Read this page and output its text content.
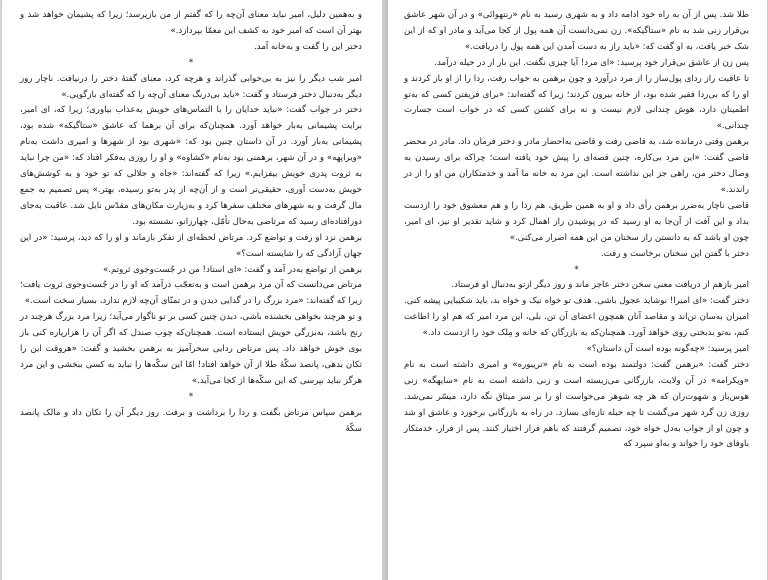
و به‌همین دلیل، امیر نباید معنای آن‌چه را که گفتم از من بازپرسد؛ زیرا که پشیمان خواهد شد و بهتر آن است که امیر خود به کشف این معمّا بپردازد.»

دختر این را گفت و به‌خانه آمد.

*

امیر شب دیگر را نیز به بی‌خوابی گذراند و هرچه کرد، معنای گفتهٔ دختر را درنیافت. ناچار روز دیگر به‌دنبال دختر فرستاد و گفت: «باید بی‌درنگ معنای آن‌چه را که گفته‌ای بازگویی.»

دختر در جواب گفت: «نباید خدایان را با التماس‌های خویش به‌عذاب بیاوری؛ زیرا که، ای امیر، برایت پشیمانی به‌بار خواهد آورد. همچنان‌که برای آن برهما که عاشق «ستاگیکه» شده بود، پشیمانی به‌بار آورد. در آن داستان چنین بود که: «شهری بود از شهرها و امیری داشت به‌نام «ویراپهه» و در آن شهر، برهمنی بود به‌نام «کشاوه» و او را روزی به‌فکر افتاد که: «من چرا نباید به ثروت پدری خویش بیفزایم.» زیرا که گفته‌اند: «جاه و جلالی که تو خود و به کوشش‌های خویش به‌دست آوری، حقیقی‌تر است و از آن‌چه از پدر به‌تو رسیده، بهتر.» پس تصمیم به جمع مال گرفت و به شهرهای مختلف سفرها کرد و به‌زیارت مکان‌های مقدّس نایل شد. عاقبت به‌جای دورافتاده‌ای رسید که مرتاضی به‌حال تأمّل، چهارزانو، نشسته بود.

برهمن نزد او رفت و تواضع کرد. مرتاض لحظه‌ای از تفکر بازماند و او را که دید، پرسید: «در این جهان آزادگی که را شایسته است؟»

برهمن از تواضع به‌در آمد و گفت: «ای استاد! من در جُست‌وجوی ثروتم.»

مرتاض می‌دانست که آن مرد برهمن است و به‌تعجّب درآمد که او را در جُست‌وجوی ثروت یافت؛ زیرا که گفته‌اند: «مرد بزرگ را در گدایی دیدن و در تمنّای آن‌چه لازم ندارد، بسیار سخت است.»

و تو هرچند بخواهی بخشنده باشی، دیدن چنین کسی بر تو ناگوار می‌آید؛ زیرا مرد بزرگ هرچند در رنج باشد، به‌بزرگی خویش ایستاده است. همچنان‌که چوب صندل که اگر آن را هزارپاره کنی باز بوی خوش خواهد داد. پس مرتاض ردایی سحرآمیز به برهمن بخشید و گفت: «هروقت این را تکان بدهی، پانصد سکّهٔ طلا از آن خواهد افتاد! امّا این سکّه‌ها را نباید به کسی ببخشی و این مرد هرگز نباید بپرسی که این سکّه‌ها از کجا می‌آید.»

*

برهمن سپاس مرتاض بگفت و ردا را برداشت و برفت. روز دیگر آن را تکان داد و مالک پانصد سکّهٔ

طلا شد. پس از آن به راه خود ادامه داد و به شهری رسید به نام «رنتهوائی» و در آن شهر عاشق بی‌قرار زنی شد به نام «ستاگیکه». زن نمی‌دانست آن همه پول از کجا می‌آید و مادر او که از این شک خبر یافت، به او گفت که: «باید راز به دست آمدن این همه پول را دریافت.»

پس زن از عاشق بی‌قرار خود پرسید: «ای مرد! آیا چیزی نگفت. این بار از در حیله درآمد.

تا عاقبت راز ردای پول‌ساز را از مرد درآورد و چون برهمن به خواب رفت، ردا را از او باز کردند و او را که بی‌ردا فقیر شده بود، از خانه بیرون کردند؛ زیرا که گفته‌اند: «برای فریفتن کسی که به‌تو اطمینان دارد، هوش چندانی لازم نیست و نه برای کشتن کسی که در خواب است جسارت چندانی.»

برهمن وقتی درمانده شد، به قاضی رفت و قاضی به‌احضار مادر و دختر فرمان داد. مادر در محضر قاضی گفت: «این مرد بی‌کاره، چنین قصه‌ای را پیش خود یافته است؛ چراکه برای رسیدن به وصال دختر من، راهی جز این نداشته است. این مرد به خانه ما آمد و خدمتکاران من او را از در راندند.»

قاضی ناچار به‌ضرر برهمن رأی داد و او به همین طریق، هم ردا را و هم معشوق خود را ازدست بداد و این آفت از آن‌جا به او رسید که در پوشیدن راز اهمال کرد و شاید تقدیر او نیز، ای امیر، چون او باشد که به دانستن راز سخنان من این همه اصرار می‌کنی.»

دختر با گفتن این سخنان برخاست و رفت.

*

امیر بازهم از دریافت معنی سخن دختر عاجز ماند و روز دیگر ازتو به‌دنبال او فرستاد.

دختر گفت: «ای امیرا! نوشاید عجول باشی. هدف تو خواه نیک و خواه بد، باید شکیبایی پیشه کنی. امیران به‌سان تن‌اند و مقاصد آنان همچون اعضای آن تن. بلی، این مرد امیر که هم او را اطاعت کنم، به‌تو بدبختی روی خواهد آورد. همچنان‌که به بازرگان که خانه و مِلک خود را ازدست داد.»

امیر پرسید: «چه‌گونه بوده است آن داستان؟»

دختر گفت: «برهمن گفت: دولتمند بوده است به نام «تریبوره» و امیری داشته است به نام «ویکرامه» در آن ولایت، بازرگانی می‌زیسته است و زنی داشته است به نام «سایهگه» زنی هوس‌باز و شهوت‌ران که هر چه شوهر می‌خواست او را بر سر میثاق نگه دارد، میسّر نمی‌شد. روزی زن گرد شهر می‌گشت تا چه حیله تازه‌ای بسازد. در راه به بازرگانی برخورد و عاشق او شد و چون او از جواب به‌دل خواه خود، تصمیم گرفتند که باهم فرار اختیار کنند. پس از فرار، خدمتکار باوفای خود را خواند و به‌او سپرد که
